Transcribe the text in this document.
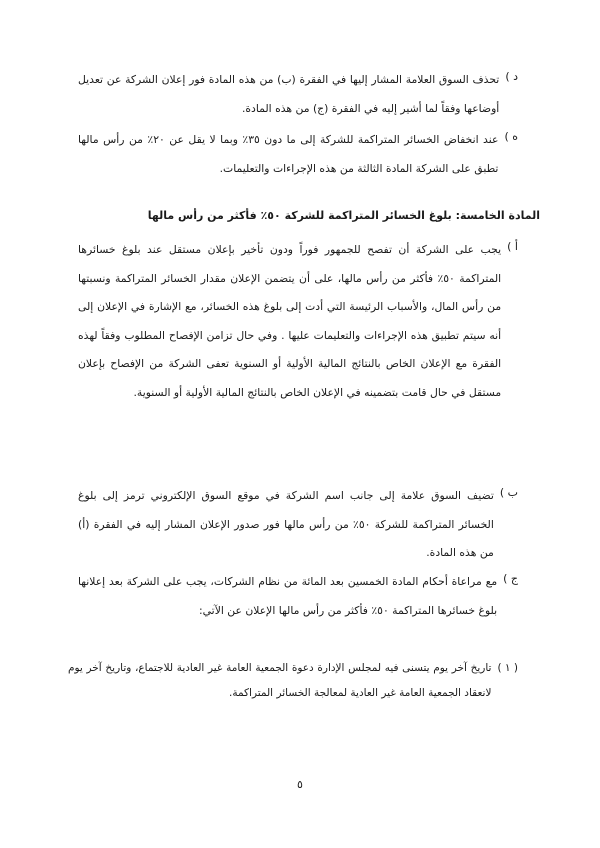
د )
تحذف السوق العلامة المشار إليها في الفقرة (ب) من هذه المادة فور إعلان الشركة عن تعديل أوضاعها وفقاً لما أشير إليه في الفقرة (ج) من هذه المادة.
ه )
عند انخفاض الخسائر المتراكمة للشركة إلى ما دون ٣٥٪ وبما لا يقل عن ٢٠٪ من رأس مالها تطبق على الشركة المادة الثالثة من هذه الإجراءات والتعليمات.
المادة الخامسة: بلوغ الخسائر المتراكمة للشركة ٥٠٪ فأكثر من رأس مالها
أ )
يجب على الشركة أن تفصح للجمهور فوراً ودون تأخير بإعلان مستقل عند بلوغ خسائرها المتراكمة ٥٠٪ فأكثر من رأس مالها، على أن يتضمن الإعلان مقدار الخسائر المتراكمة ونسبتها من رأس المال، والأسباب الرئيسة التي أدت إلى بلوغ هذه الخسائر، مع الإشارة في الإعلان إلى أنه سيتم تطبيق هذه الإجراءات والتعليمات عليها . وفي حال تزامن الإفصاح المطلوب وفقاً لهذه الفقرة مع الإعلان الخاص بالنتائج المالية الأولية أو السنوية تعفى الشركة من الإفصاح بإعلان مستقل في حال قامت بتضمينه في الإعلان الخاص بالنتائج المالية الأولية أو السنوية.
ب )
تضيف السوق علامة إلى جانب اسم الشركة في موقع السوق الإلكتروني ترمز إلى بلوغ الخسائر المتراكمة للشركة ٥٠٪ من رأس مالها فور صدور الإعلان المشار إليه في الفقرة (أ) من هذه المادة.
ج )
مع مراعاة أحكام المادة الخمسين بعد المائة من نظام الشركات، يجب على الشركة بعد إعلانها بلوغ خسائرها المتراكمة ٥٠٪ فأكثر من رأس مالها الإعلان عن الآتي:
( ١ )
تاريخ آخر يوم يتسنى فيه لمجلس الإدارة دعوة الجمعية العامة غير العادية للاجتماع، وتاريخ آخر يوم لانعقاد الجمعية العامة غير العادية لمعالجة الخسائر المتراكمة.
٥
